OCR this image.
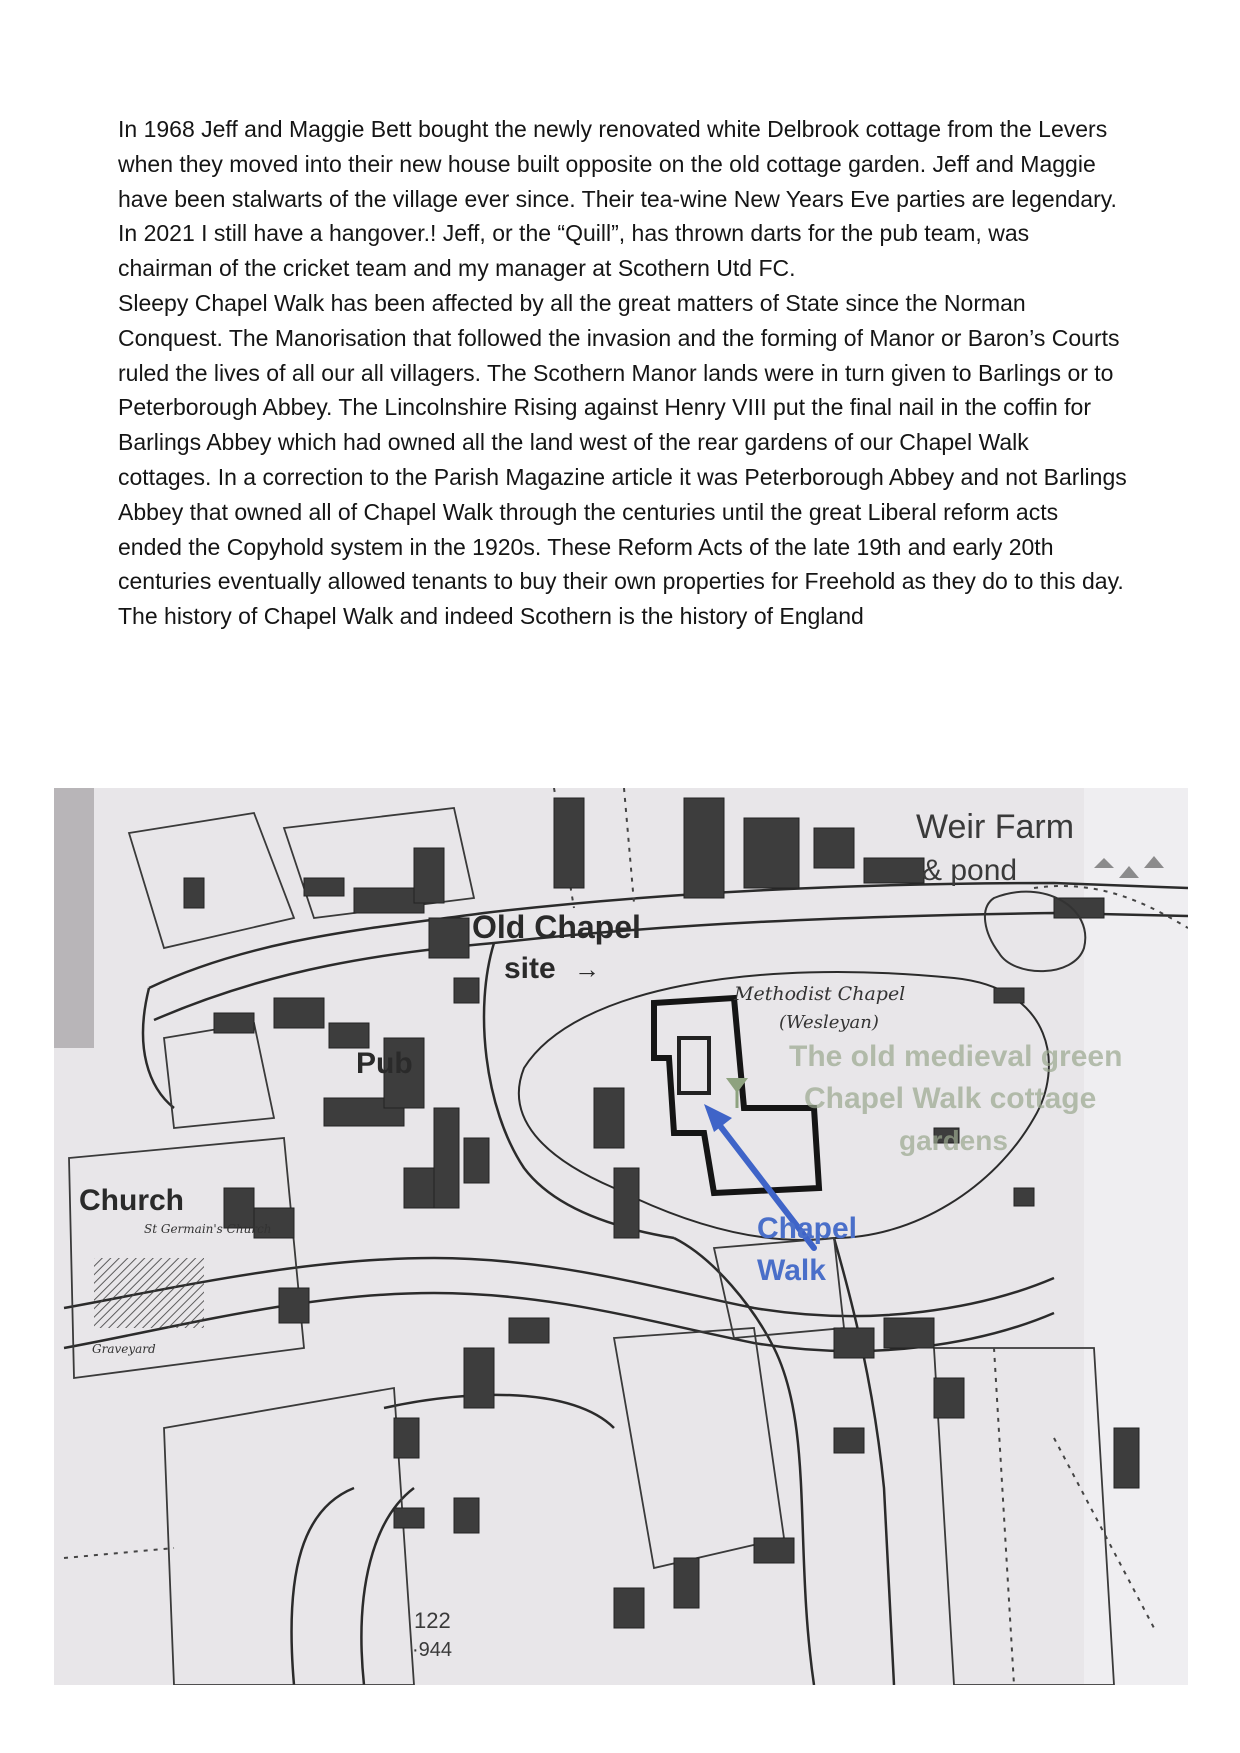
In 1968 Jeff and Maggie Bett bought the newly renovated white Delbrook cottage from the Levers when they moved into their new house built opposite on the old cottage garden. Jeff and Maggie have been stalwarts of the village ever since. Their tea-wine New Years Eve parties are legendary. In 2021 I still have a hangover.! Jeff, or the “Quill”, has thrown darts for the pub team, was chairman of the cricket team and my manager at Scothern Utd FC.

Sleepy Chapel Walk has been affected by all the great matters of State since the Norman Conquest. The Manorisation that followed the invasion and the forming of Manor or Baron’s Courts ruled the lives of all our all villagers. The Scothern Manor lands were in turn given to Barlings or to Peterborough Abbey. The Lincolnshire Rising against Henry VIII put the final nail in the coffin for Barlings Abbey which had owned all the land west of the rear gardens of our Chapel Walk cottages. In a correction to the Parish Magazine article it was Peterborough Abbey and not Barlings Abbey that owned all of Chapel Walk through the centuries until the great Liberal reform acts ended the Copyhold system in the 1920s. These Reform Acts of the late 19th and early 20th centuries eventually allowed tenants to buy their own properties for Freehold as they do to this day.

The history of Chapel Walk and indeed Scothern is the history of England

Weir Farm
& pond
Old Chapel
site →
Pub
Church
St Germain's Church
Graveyard
Methodist Chapel
(Wesleyan)
The old medieval green
Chapel Walk cottage
gardens
Chapel
Walk
122
·944
